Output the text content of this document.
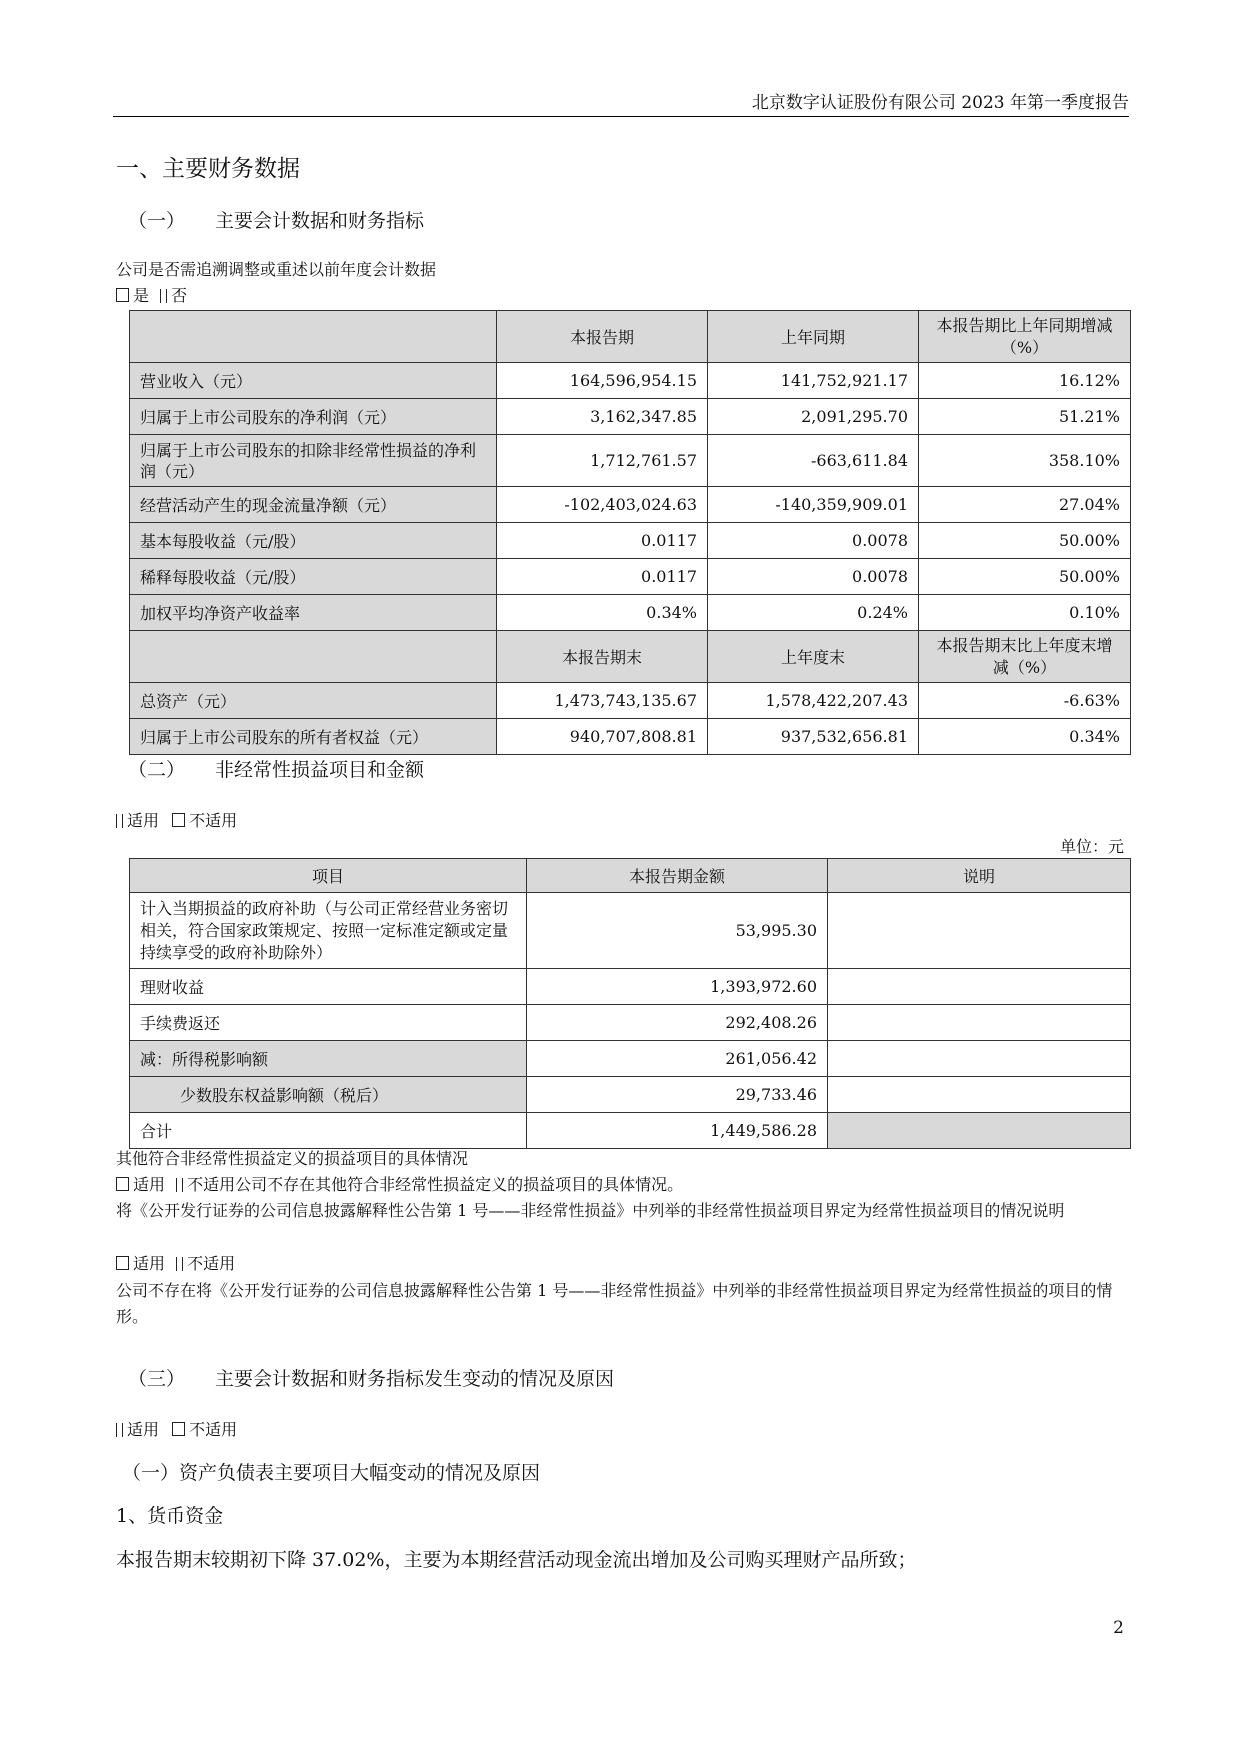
北京数字认证股份有限公司 2023 年第一季度报告
一、主要财务数据
（一） 主要会计数据和财务指标
公司是否需追溯调整或重述以前年度会计数据
是 否
	本报告期	上年同期	本报告期比上年同期增减（%）
营业收入（元）	164,596,954.15	141,752,921.17	16.12%
归属于上市公司股东的净利润（元）	3,162,347.85	2,091,295.70	51.21%
归属于上市公司股东的扣除非经常性损益的净利润（元）	1,712,761.57	-663,611.84	358.10%
经营活动产生的现金流量净额（元）	-102,403,024.63	-140,359,909.01	27.04%
基本每股收益（元/股）	0.0117	0.0078	50.00%
稀释每股收益（元/股）	0.0117	0.0078	50.00%
加权平均净资产收益率	0.34%	0.24%	0.10%
	本报告期末	上年度末	本报告期末比上年度末增减（%）
总资产（元）	1,473,743,135.67	1,578,422,207.43	-6.63%
归属于上市公司股东的所有者权益（元）	940,707,808.81	937,532,656.81	0.34%
（二） 非经常性损益项目和金额
适用 不适用
单位：元
项目	本报告期金额	说明
计入当期损益的政府补助（与公司正常经营业务密切相关，符合国家政策规定、按照一定标准定额或定量持续享受的政府补助除外）	53,995.30	
理财收益	1,393,972.60	
手续费返还	292,408.26	
减：所得税影响额	261,056.42	
少数股东权益影响额（税后）	29,733.46	
合计	1,449,586.28	
其他符合非经常性损益定义的损益项目的具体情况
适用 不适用公司不存在其他符合非经常性损益定义的损益项目的具体情况。
将《公开发行证券的公司信息披露解释性公告第 1 号——非经常性损益》中列举的非经常性损益项目界定为经常性损益项目的情况说明
适用 不适用
公司不存在将《公开发行证券的公司信息披露解释性公告第 1 号——非经常性损益》中列举的非经常性损益项目界定为经常性损益的项目的情形。
（三） 主要会计数据和财务指标发生变动的情况及原因
适用 不适用
（一）资产负债表主要项目大幅变动的情况及原因
1、货币资金
本报告期末较期初下降 37.02%，主要为本期经营活动现金流出增加及公司购买理财产品所致；
2
